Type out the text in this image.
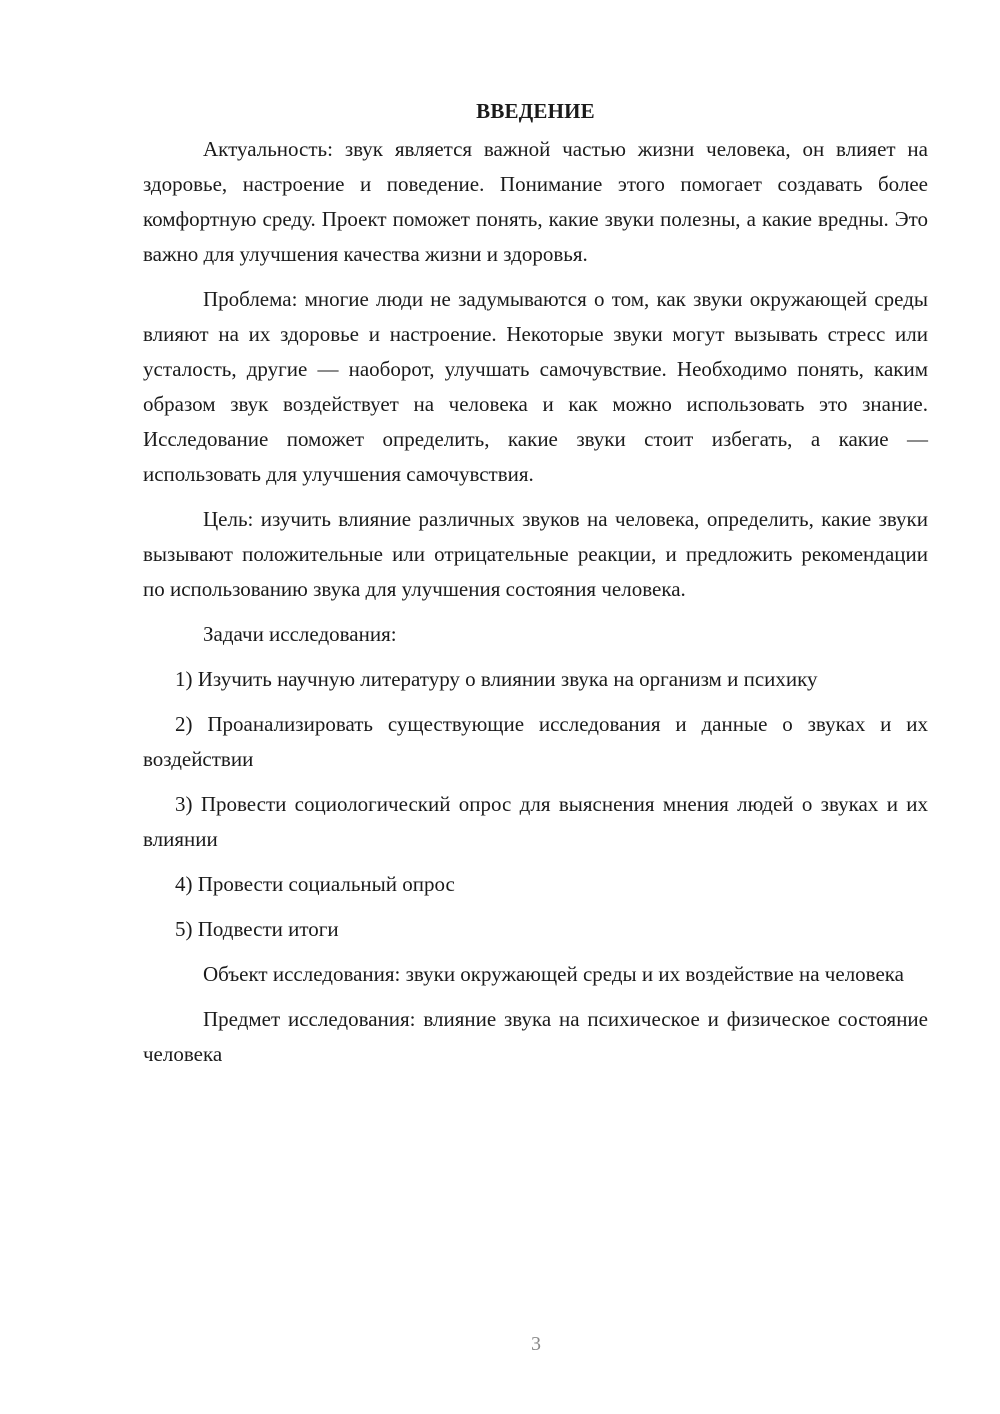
ВВЕДЕНИЕ

Актуальность: звук является важной частью жизни человека, он влияет на здоровье, настроение и поведение. Понимание этого помогает создавать более комфортную среду. Проект поможет понять, какие звуки полезны, а какие вредны. Это важно для улучшения качества жизни и здоровья.

Проблема: многие люди не задумываются о том, как звуки окружающей среды влияют на их здоровье и настроение. Некоторые звуки могут вызывать стресс или усталость, другие — наоборот, улучшать самочувствие. Необходимо понять, каким образом звук воздействует на человека и как можно использовать это знание. Исследование поможет определить, какие звуки стоит избегать, а какие — использовать для улучшения самочувствия.

Цель: изучить влияние различных звуков на человека, определить, какие звуки вызывают положительные или отрицательные реакции, и предложить рекомендации по использованию звука для улучшения состояния человека.

Задачи исследования:

1) Изучить научную литературу о влиянии звука на организм и психику

2) Проанализировать существующие исследования и данные о звуках и их воздействии

3) Провести социологический опрос для выяснения мнения людей о звуках и их влиянии

4) Провести социальный опрос

5) Подвести итоги

Объект исследования: звуки окружающей среды и их воздействие на человека

Предмет исследования: влияние звука на психическое и физическое состояние человека

3
